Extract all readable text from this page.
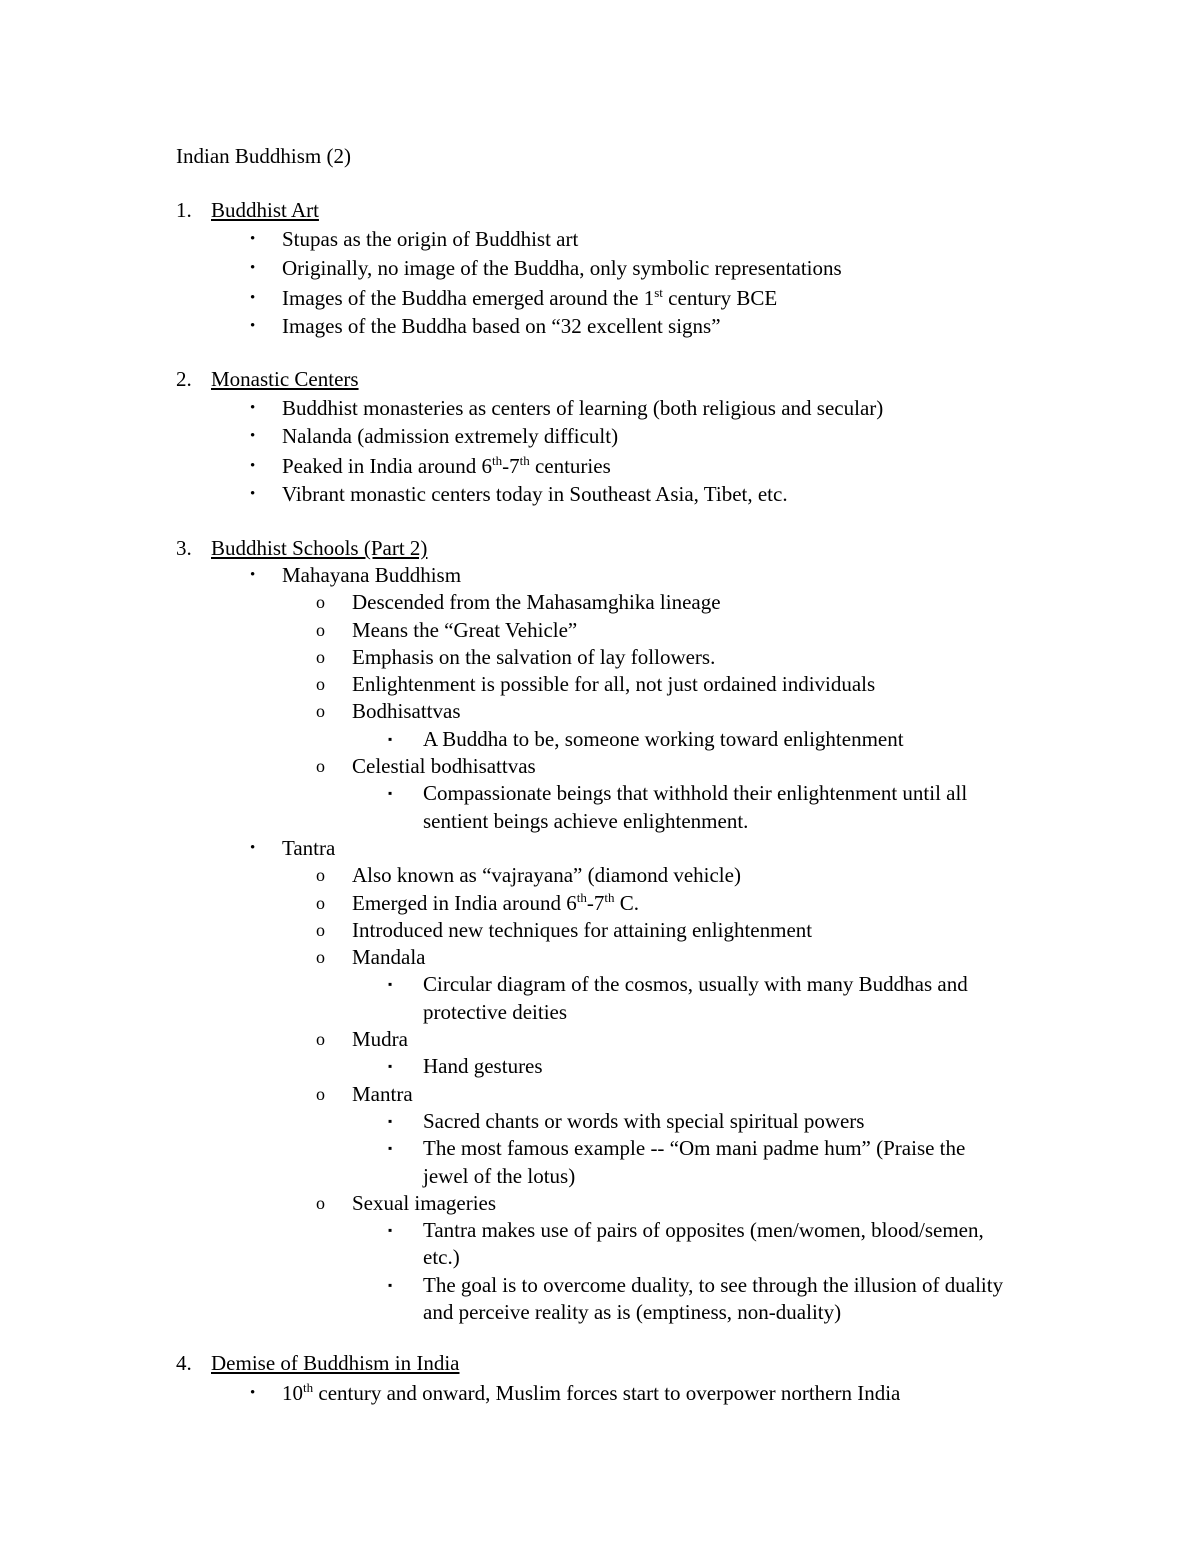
Indian Buddhism (2)
1. Buddhist Art
• Stupas as the origin of Buddhist art
• Originally, no image of the Buddha, only symbolic representations
• Images of the Buddha emerged around the 1st century BCE
• Images of the Buddha based on “32 excellent signs”
2. Monastic Centers
• Buddhist monasteries as centers of learning (both religious and secular)
• Nalanda (admission extremely difficult)
• Peaked in India around 6th-7th centuries
• Vibrant monastic centers today in Southeast Asia, Tibet, etc.
3. Buddhist Schools (Part 2)
• Mahayana Buddhism
o Descended from the Mahasamghika lineage
o Means the “Great Vehicle”
o Emphasis on the salvation of lay followers.
o Enlightenment is possible for all, not just ordained individuals
o Bodhisattvas
▪ A Buddha to be, someone working toward enlightenment
o Celestial bodhisattvas
▪ Compassionate beings that withhold their enlightenment until all sentient beings achieve enlightenment.
• Tantra
o Also known as “vajrayana” (diamond vehicle)
o Emerged in India around 6th-7th C.
o Introduced new techniques for attaining enlightenment
o Mandala
▪ Circular diagram of the cosmos, usually with many Buddhas and protective deities
o Mudra
▪ Hand gestures
o Mantra
▪ Sacred chants or words with special spiritual powers
▪ The most famous example -- “Om mani padme hum” (Praise the jewel of the lotus)
o Sexual imageries
▪ Tantra makes use of pairs of opposites (men/women, blood/semen, etc.)
▪ The goal is to overcome duality, to see through the illusion of duality and perceive reality as is (emptiness, non-duality)
4. Demise of Buddhism in India
• 10th century and onward, Muslim forces start to overpower northern India
